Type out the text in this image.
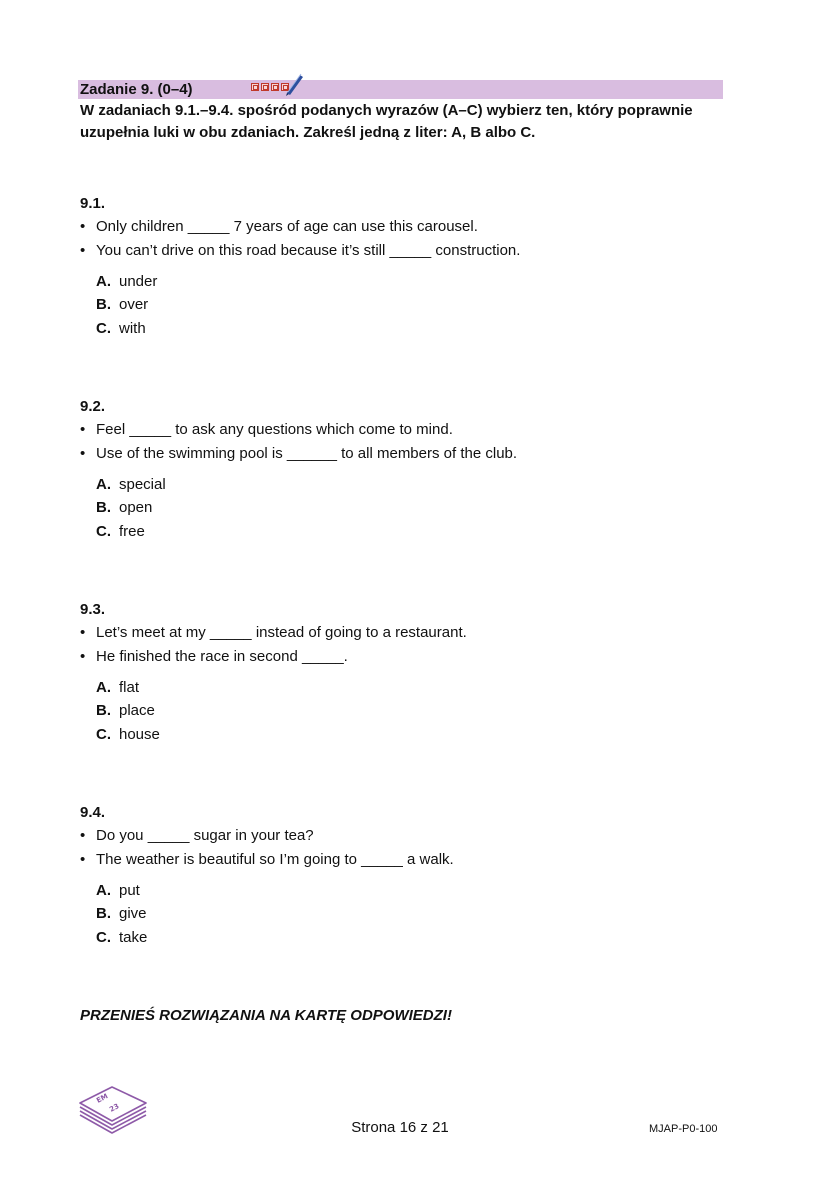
Zadanie 9. (0–4)
W zadaniach 9.1.–9.4. spośród podanych wyrazów (A–C) wybierz ten, który poprawnie uzupełnia luki w obu zdaniach. Zakreśl jedną z liter: A, B albo C.
9.1.
• Only children _____ 7 years of age can use this carousel.
• You can’t drive on this road because it’s still _____ construction.
A. under
B. over
C. with
9.2.
• Feel _____ to ask any questions which come to mind.
• Use of the swimming pool is ______ to all members of the club.
A. special
B. open
C. free
9.3.
• Let’s meet at my _____ instead of going to a restaurant.
• He finished the race in second _____.
A. flat
B. place
C. house
9.4.
• Do you _____ sugar in your tea?
• The weather is beautiful so I’m going to _____ a walk.
A. put
B. give
C. take
PRZENIEŚ ROZWIĄZANIA NA KARTĘ ODPOWIEDZI!
EM
23
Strona 16 z 21	MJAP-P0-100
